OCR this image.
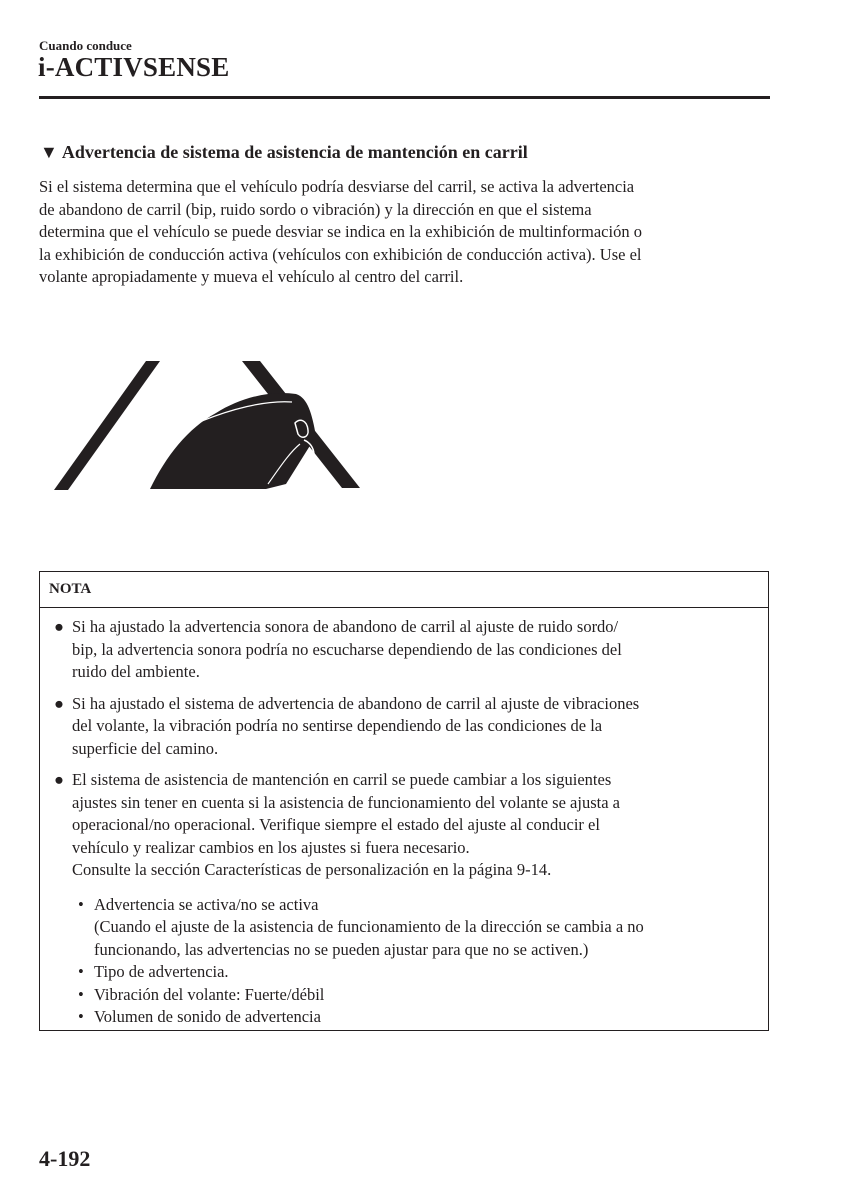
Cuando conduce
i-ACTIVSENSE
▼ Advertencia de sistema de asistencia de mantención en carril

Si el sistema determina que el vehículo podría desviarse del carril, se activa la advertencia

de abandono de carril (bip, ruido sordo o vibración) y la dirección en que el sistema

determina que el vehículo se puede desviar se indica en la exhibición de multinformación o

la exhibición de conducción activa (vehículos con exhibición de conducción activa). Use el

volante apropiadamente y mueva el vehículo al centro del carril.

NOTA
● Si ha ajustado la advertencia sonora de abandono de carril al ajuste de ruido sordo/
bip, la advertencia sonora podría no escucharse dependiendo de las condiciones del
ruido del ambiente.
● Si ha ajustado el sistema de advertencia de abandono de carril al ajuste de vibraciones
del volante, la vibración podría no sentirse dependiendo de las condiciones de la
superficie del camino.
● El sistema de asistencia de mantención en carril se puede cambiar a los siguientes
ajustes sin tener en cuenta si la asistencia de funcionamiento del volante se ajusta a
operacional/no operacional. Verifique siempre el estado del ajuste al conducir el
vehículo y realizar cambios en los ajustes si fuera necesario.
Consulte la sección Características de personalización en la página 9-14.
• Advertencia se activa/no se activa
(Cuando el ajuste de la asistencia de funcionamiento de la dirección se cambia a no
funcionando, las advertencias no se pueden ajustar para que no se activen.)
• Tipo de advertencia.
• Vibración del volante: Fuerte/débil
• Volumen de sonido de advertencia
4-192
